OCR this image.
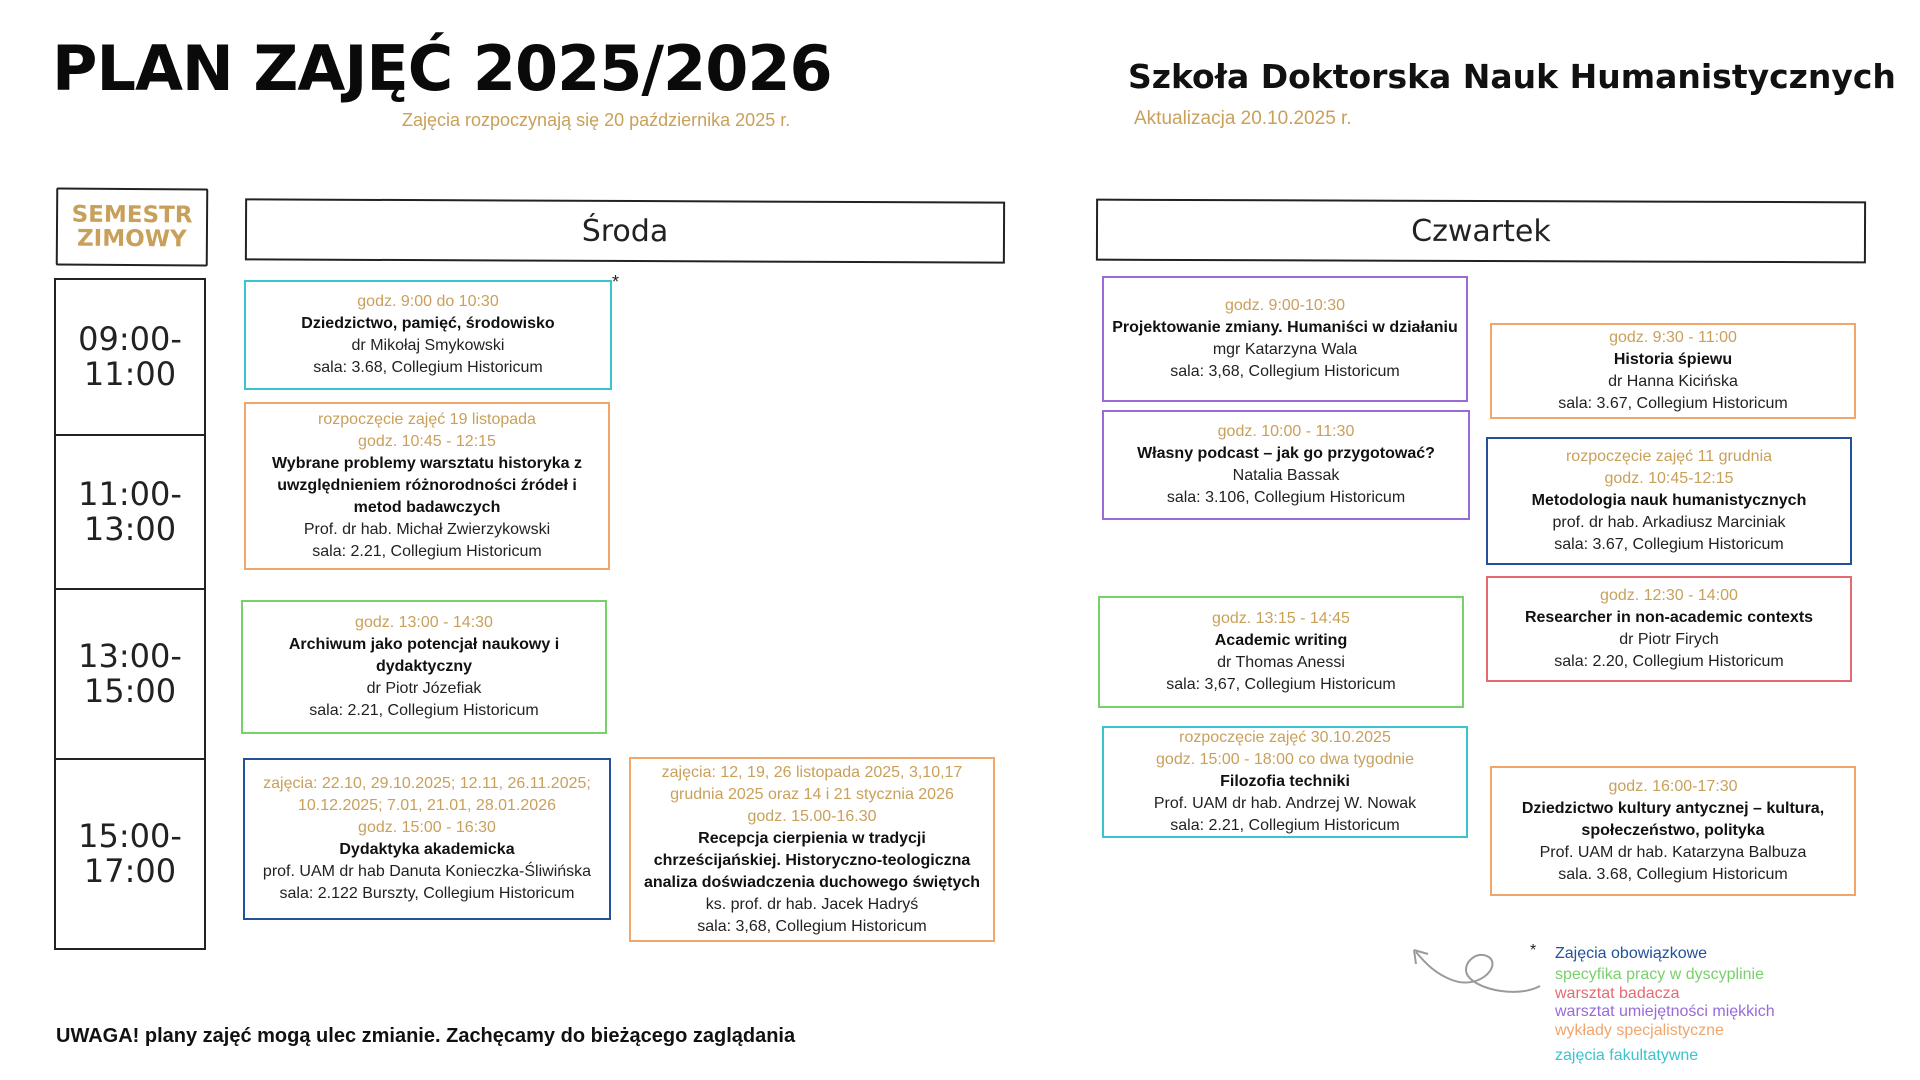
PLAN ZAJĘĆ 2025/2026
Zajęcia rozpoczynają się 20 października 2025 r.
Szkoła Doktorska Nauk Humanistycznych
Aktualizacja 20.10.2025 r.
SEMESTR
ZIMOWY
09:00-
11:00
11:00-
13:00
13:00-
15:00
15:00-
17:00
Środa	Czwartek
godz. 9:00 do 10:30
Dziedzictwo, pamięć, środowisko
dr Mikołaj Smykowski
sala: 3.68, Collegium Historicum
*
rozpoczęcie zajęć 19 listopada
godz. 10:45 - 12:15
Wybrane problemy warsztatu historyka z uwzględnieniem różnorodności źródeł i metod badawczych
Prof. dr hab. Michał Zwierzykowski
sala: 2.21, Collegium Historicum
godz. 13:00 - 14:30
Archiwum jako potencjał naukowy i dydaktyczny
dr Piotr Józefiak
sala: 2.21, Collegium Historicum
zajęcia: 22.10, 29.10.2025; 12.11, 26.11.2025; 10.12.2025; 7.01, 21.01, 28.01.2026
godz. 15:00 - 16:30
Dydaktyka akademicka
prof. UAM dr hab Danuta Konieczka-Śliwińska
sala: 2.122 Burszty, Collegium Historicum
zajęcia: 12, 19, 26 listopada 2025, 3,10,17 grudnia 2025 oraz 14 i 21 stycznia 2026
godz. 15.00-16.30
Recepcja cierpienia w tradycji chrześcijańskiej. Historyczno-teologiczna analiza doświadczenia duchowego świętych
ks. prof. dr hab. Jacek Hadryś
sala: 3,68, Collegium Historicum
godz. 9:00-10:30
Projektowanie zmiany. Humaniści w działaniu
mgr Katarzyna Wala
sala: 3,68, Collegium Historicum
godz. 9:30 - 11:00
Historia śpiewu
dr Hanna Kicińska
sala: 3.67, Collegium Historicum
godz. 10:00 - 11:30
Własny podcast – jak go przygotować?
Natalia Bassak
sala: 3.106, Collegium Historicum
rozpoczęcie zajęć 11 grudnia
godz. 10:45-12:15
Metodologia nauk humanistycznych
prof. dr hab. Arkadiusz Marciniak
sala: 3.67, Collegium Historicum
godz. 12:30 - 14:00
Researcher in non-academic contexts
dr Piotr Firych
sala: 2.20, Collegium Historicum
godz. 13:15 - 14:45
Academic writing
dr Thomas Anessi
sala: 3,67, Collegium Historicum
rozpoczęcie zajęć 30.10.2025
godz. 15:00 - 18:00 co dwa tygodnie
Filozofia techniki
Prof. UAM dr hab. Andrzej W. Nowak
sala: 2.21, Collegium Historicum
godz. 16:00-17:30
Dziedzictwo kultury antycznej – kultura, społeczeństwo, polityka
Prof. UAM dr hab. Katarzyna Balbuza
sala. 3.68, Collegium Historicum
* Zajęcia obowiązkowe
specyfika pracy w dyscyplinie
warsztat badacza
warsztat umiejętności miękkich
wykłady specjalistyczne
zajęcia fakultatywne
UWAGA! plany zajęć mogą ulec zmianie. Zachęcamy do bieżącego zaglądania
